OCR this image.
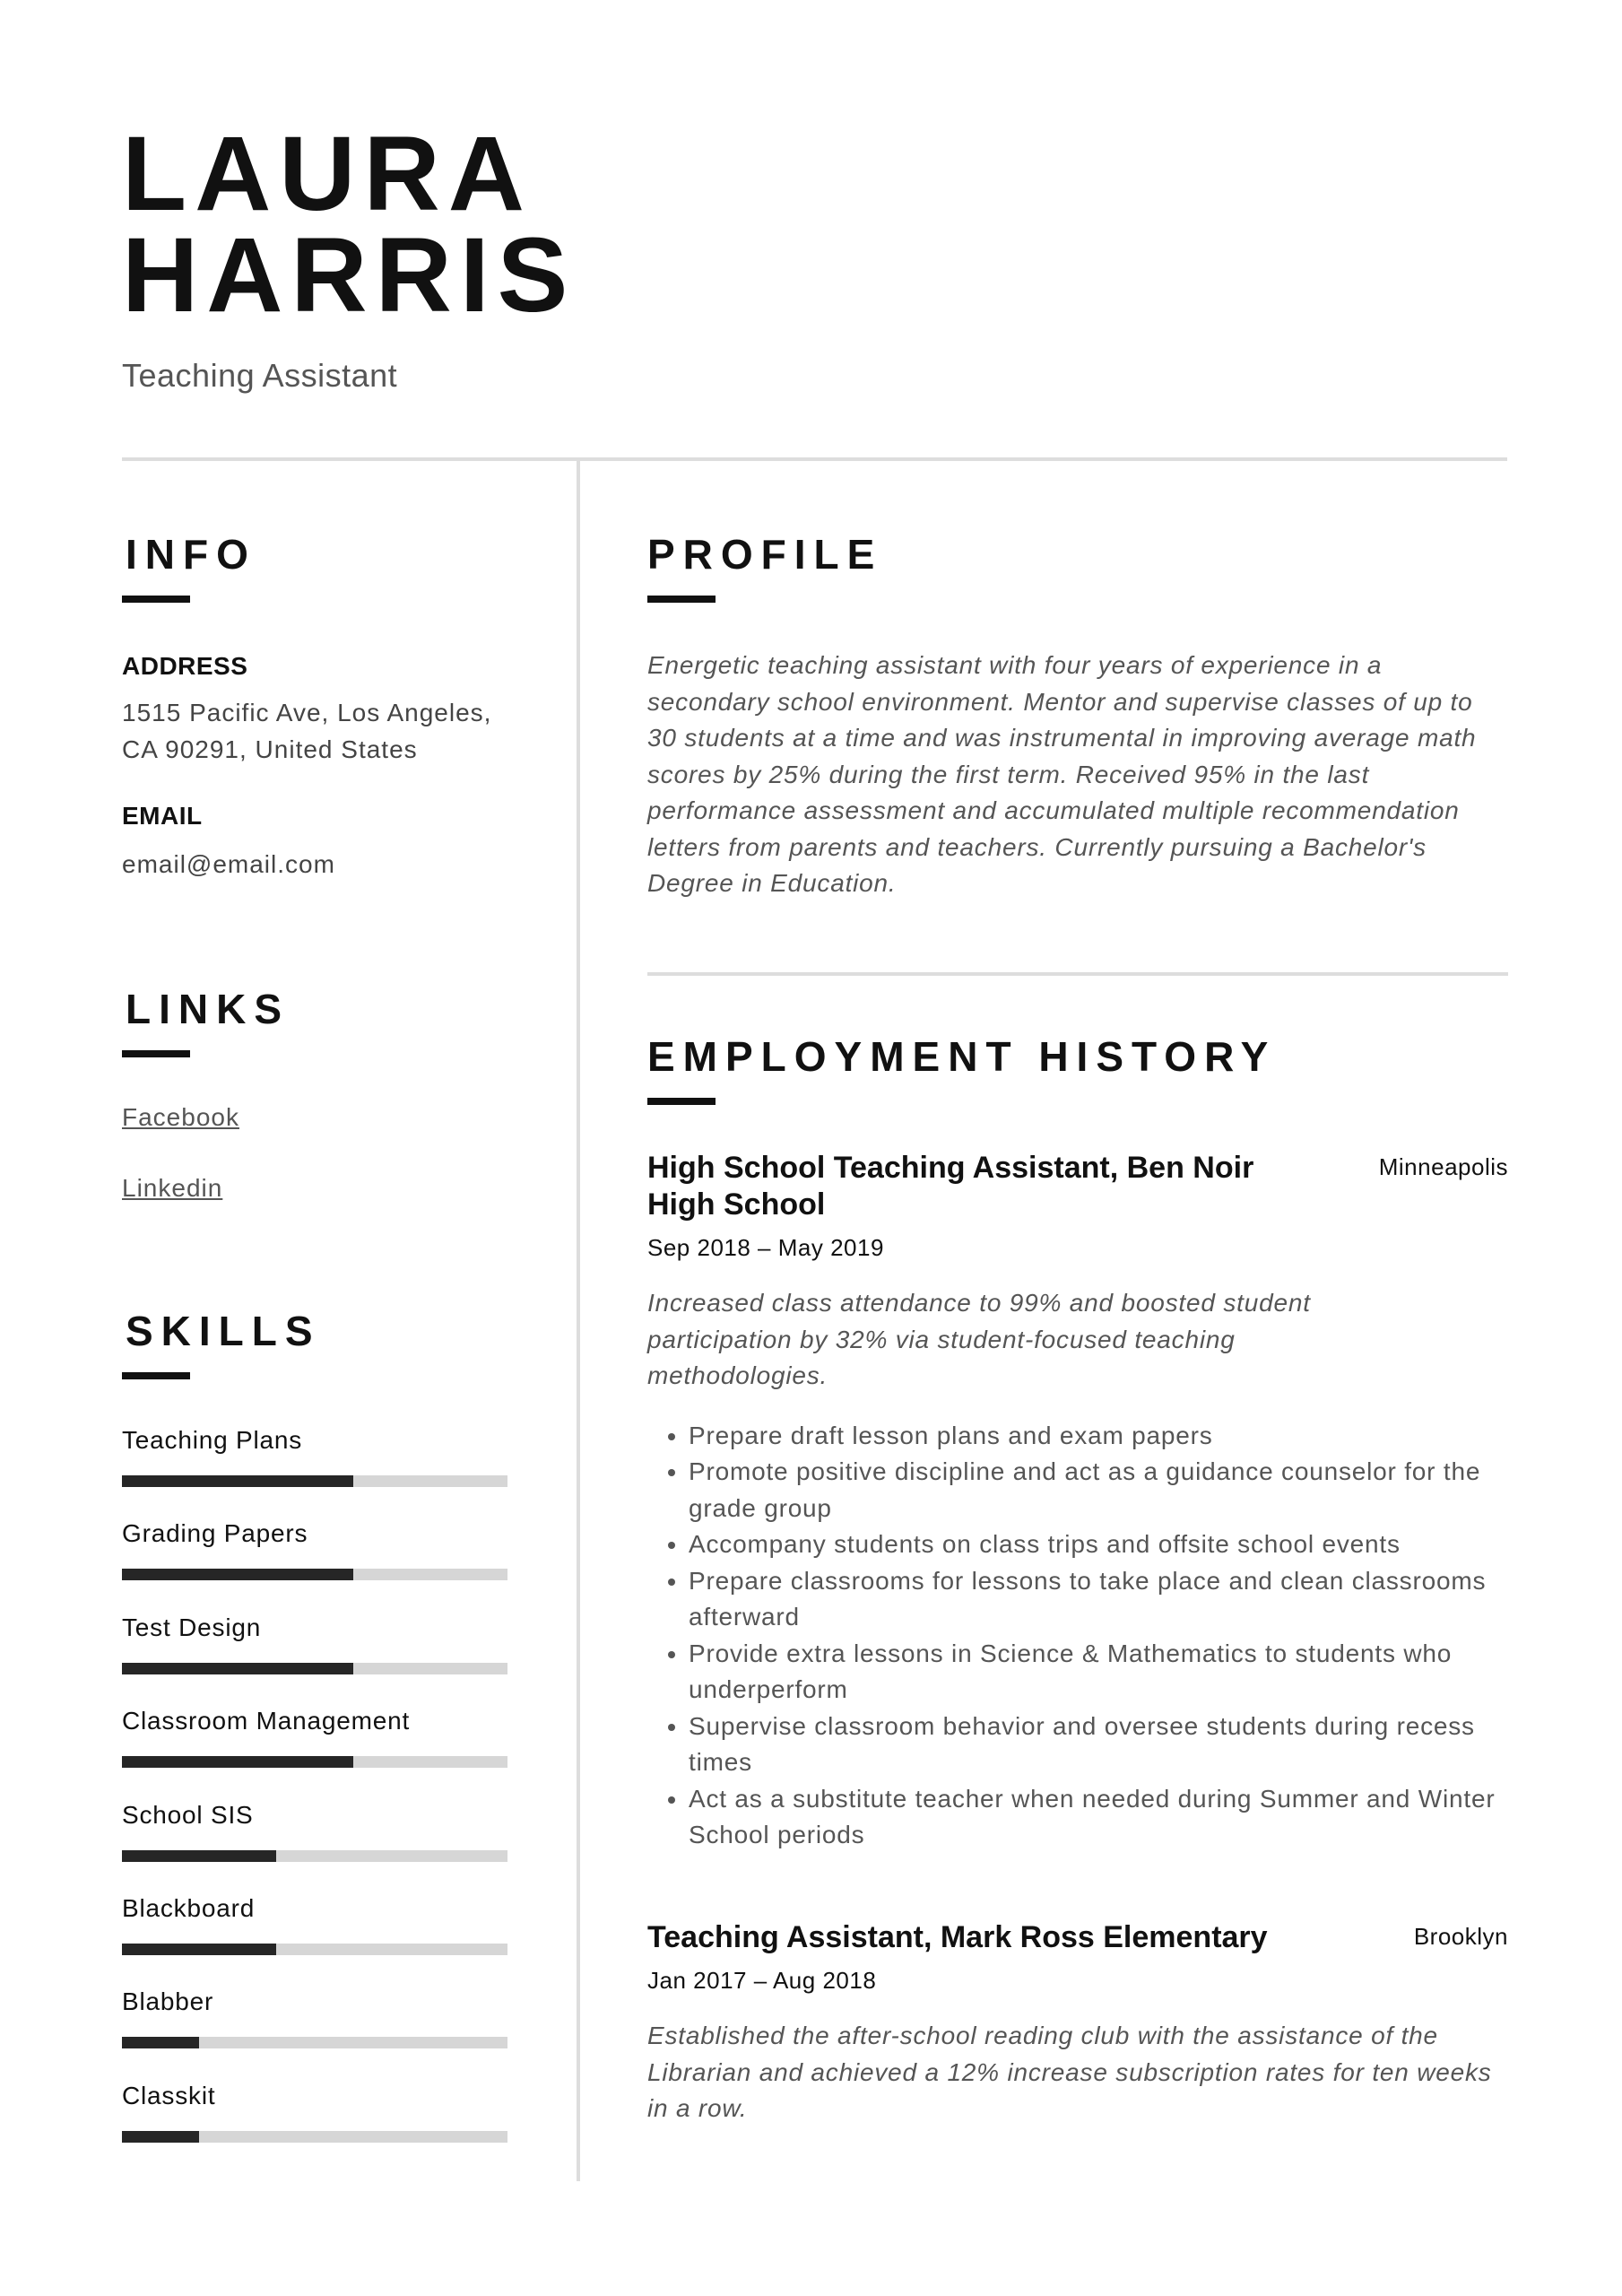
LAURA
HARRIS
Teaching Assistant
INFO
ADDRESS
1515 Pacific Ave, Los Angeles,
CA 90291, United States
EMAIL
email@email.com
LINKS
Facebook
Linkedin
SKILLS
Teaching Plans
Grading Papers
Test Design
Classroom Management
School SIS
Blackboard
Blabber
Classkit
PROFILE
Energetic teaching assistant with four years of experience in a secondary school environment. Mentor and supervise classes of up to 30 students at a time and was instrumental in improving average math scores by 25% during the first term. Received 95% in the last performance assessment and accumulated multiple recommendation letters from parents and teachers. Currently pursuing a Bachelor's Degree in Education.
EMPLOYMENT HISTORY
High School Teaching Assistant, Ben Noir High School
Minneapolis
Sep 2018 – May 2019
Increased class attendance to 99% and boosted student participation by 32% via student-focused teaching methodologies.
• Prepare draft lesson plans and exam papers
• Promote positive discipline and act as a guidance counselor for the grade group
• Accompany students on class trips and offsite school events
• Prepare classrooms for lessons to take place and clean classrooms afterward
• Provide extra lessons in Science & Mathematics to students who underperform
• Supervise classroom behavior and oversee students during recess times
• Act as a substitute teacher when needed during Summer and Winter School periods
Teaching Assistant, Mark Ross Elementary	Brooklyn
Jan 2017 – Aug 2018
Established the after-school reading club with the assistance of the Librarian and achieved a 12% increase subscription rates for ten weeks in a row.
